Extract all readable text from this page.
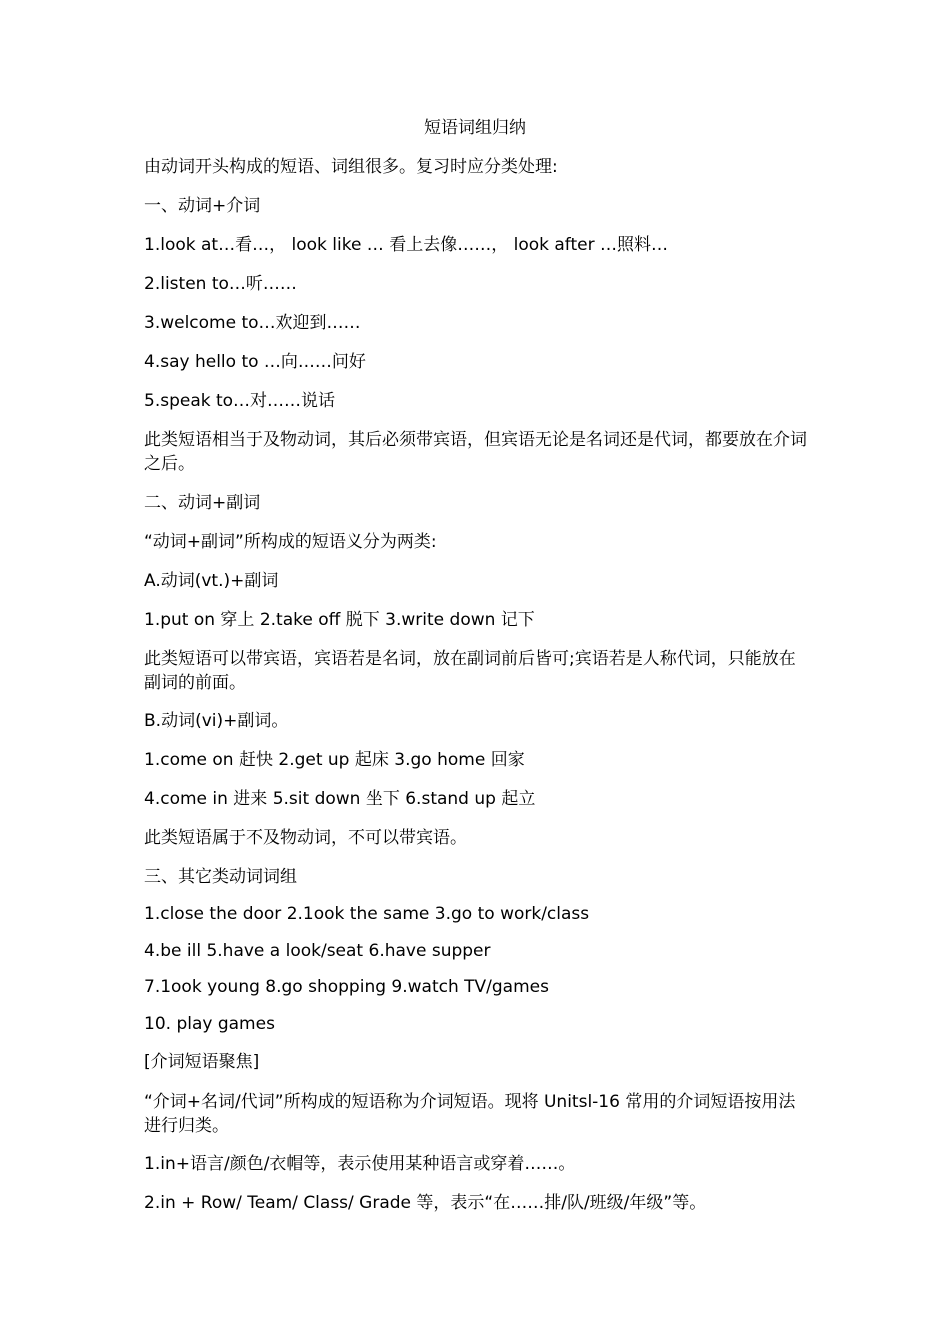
短语词组归纳
由动词开头构成的短语、词组很多。复习时应分类处理:
一、动词+介词
1.look at…看…， look like … 看上去像……， look after …照料…
2.listen to…听……
3.welcome to…欢迎到……
4.say hello to …向……问好
5.speak to…对……说话
此类短语相当于及物动词，其后必须带宾语，但宾语无论是名词还是代词，都要放在介词之后。
二、动词+副词
“动词+副词”所构成的短语义分为两类:
A.动词(vt.)+副词
1.put on 穿上 2.take off 脱下 3.write down 记下
此类短语可以带宾语，宾语若是名词，放在副词前后皆可;宾语若是人称代词，只能放在副词的前面。
B.动词(vi)+副词。
1.come on 赶快 2.get up 起床 3.go home 回家
4.come in 进来 5.sit down 坐下 6.stand up 起立
此类短语属于不及物动词，不可以带宾语。
三、其它类动词词组
1.close the door 2.1ook the same 3.go to work/class
4.be ill 5.have a look/seat 6.have supper
7.1ook young 8.go shopping 9.watch TV/games
10. play games
[介词短语聚焦]
“介词+名词/代词”所构成的短语称为介词短语。现将 Unitsl-16 常用的介词短语按用法进行归类。
1.in+语言/颜色/衣帽等，表示使用某种语言或穿着……。
2.in + Row/ Team/ Class/ Grade 等，表示“在……排/队/班级/年级”等。
